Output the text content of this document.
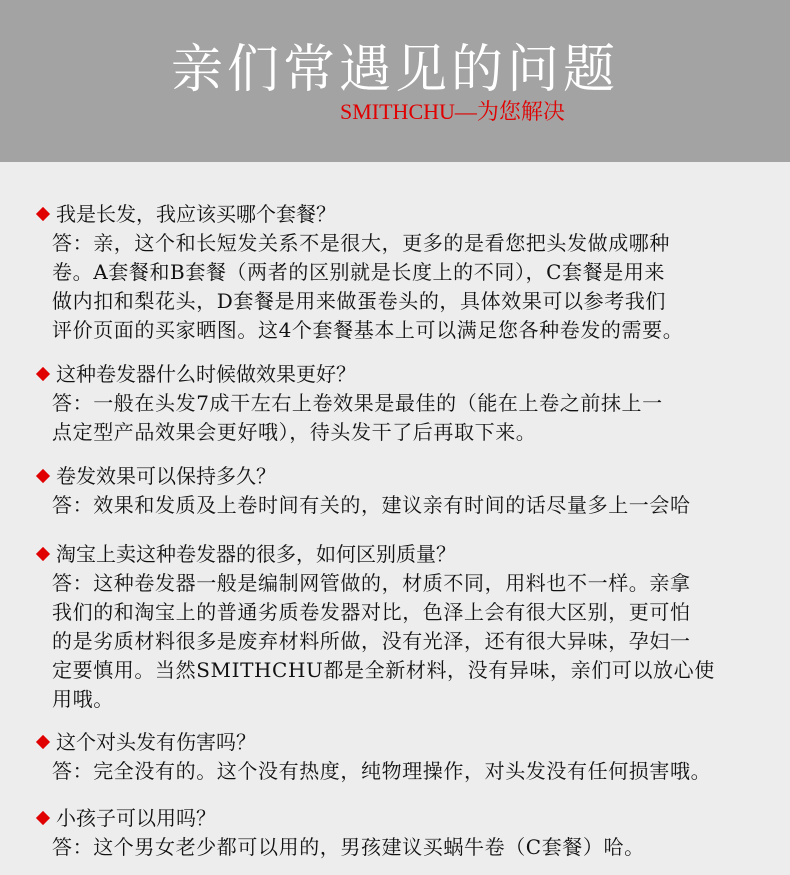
亲们常遇见的问题
SMITHCHU—为您解决
我是长发，我应该买哪个套餐？
答：亲，这个和长短发关系不是很大，更多的是看您把头发做成哪种
卷。A套餐和B套餐（两者的区别就是长度上的不同），C套餐是用来
做内扣和梨花头，D套餐是用来做蛋卷头的，具体效果可以参考我们
评价页面的买家晒图。这4个套餐基本上可以满足您各种卷发的需要。
这种卷发器什么时候做效果更好？
答：一般在头发7成干左右上卷效果是最佳的（能在上卷之前抹上一
点定型产品效果会更好哦），待头发干了后再取下来。
卷发效果可以保持多久？
答：效果和发质及上卷时间有关的，建议亲有时间的话尽量多上一会哈
淘宝上卖这种卷发器的很多，如何区别质量？
答：这种卷发器一般是编制网管做的，材质不同，用料也不一样。亲拿
我们的和淘宝上的普通劣质卷发器对比，色泽上会有很大区别，更可怕
的是劣质材料很多是废弃材料所做，没有光泽，还有很大异味，孕妇一
定要慎用。当然SMITHCHU都是全新材料，没有异味，亲们可以放心使
用哦。
这个对头发有伤害吗？
答：完全没有的。这个没有热度，纯物理操作，对头发没有任何损害哦。
小孩子可以用吗？
答：这个男女老少都可以用的，男孩建议买蜗牛卷（C套餐）哈。
